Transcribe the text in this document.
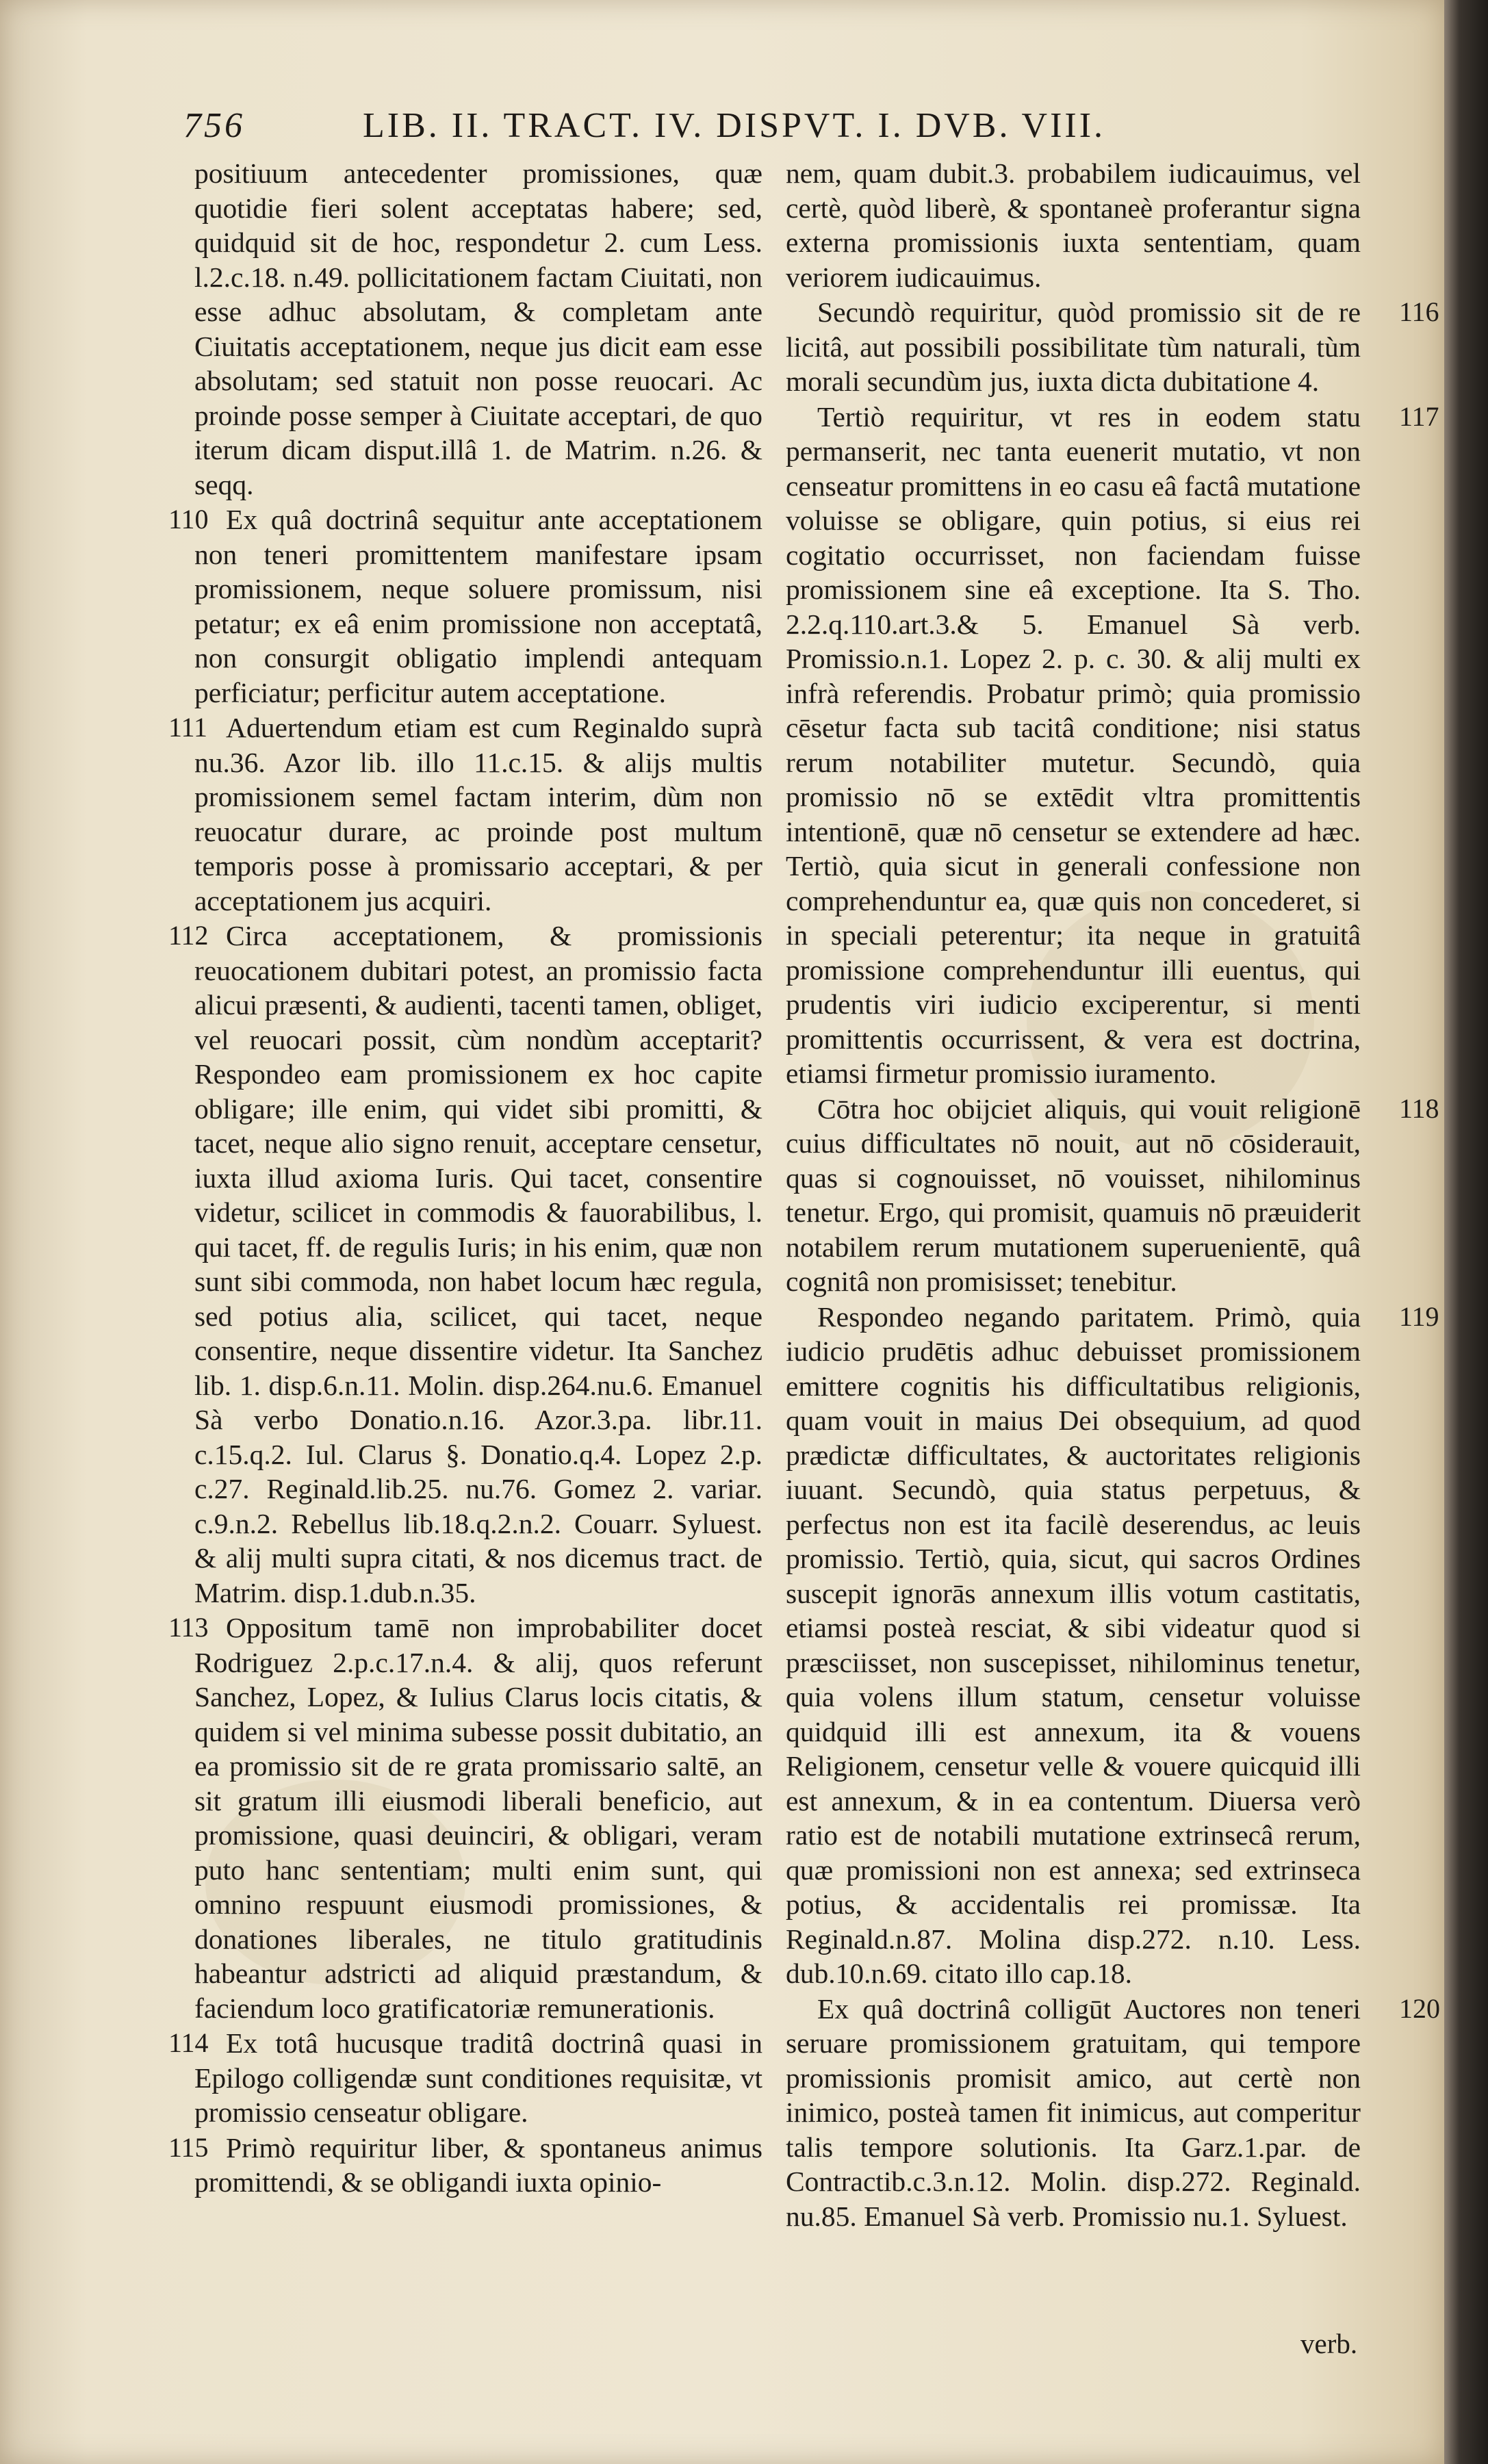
756	LIB. II. TRACT. IV. DISPVT. I. DVB. VIII.
positiuum antecedenter promissiones, quæ quotidie fieri solent acceptatas habere; sed, quidquid sit de hoc, respondetur 2. cum Less. l.2.c.18. n.49. pollicitationem factam Ciuitati, non esse adhuc absolutam, & completam ante Ciuitatis acceptationem, neque jus dicit eam esse absolutam; sed statuit non posse reuocari. Ac proinde posse semper à Ciuitate acceptari, de quo iterum dicam disput.illâ 1. de Matrim. n.26. & seqq.
110 Ex quâ doctrinâ sequitur ante acceptationem non teneri promittentem manifestare ipsam promissionem, neque soluere promissum, nisi petatur; ex eâ enim promissione non acceptatâ, non consurgit obligatio implendi antequam perficiatur; perficitur autem acceptatione.
111 Aduertendum etiam est cum Reginaldo suprà nu.36. Azor lib. illo 11.c.15. & alijs multis promissionem semel factam interim, dùm non reuocatur durare, ac proinde post multum temporis posse à promissario acceptari, & per acceptationem jus acquiri.
112 Circa acceptationem, & promissionis reuocationem dubitari potest, an promissio facta alicui præsenti, & audienti, tacenti tamen, obliget, vel reuocari possit, cùm nondùm acceptarit? Respondeo eam promissionem ex hoc capite obligare; ille enim, qui videt sibi promitti, & tacet, neque alio signo renuit, acceptare censetur, iuxta illud axioma Iuris. Qui tacet, consentire videtur, scilicet in commodis & fauorabilibus, l. qui tacet, ff. de regulis Iuris; in his enim, quæ non sunt sibi commoda, non habet locum hæc regula, sed potius alia, scilicet, qui tacet, neque consentire, neque dissentire videtur. Ita Sanchez lib. 1. disp.6.n.11. Molin. disp.264.nu.6. Emanuel Sà verbo Donatio.n.16. Azor.3.pa. libr.11. c.15.q.2. Iul. Clarus §. Donatio.q.4. Lopez 2.p. c.27. Reginald.lib.25. nu.76. Gomez 2. variar. c.9.n.2. Rebellus lib.18.q.2.n.2. Couarr. Syluest. & alij multi supra citati, & nos dicemus tract. de Matrim. disp.1.dub.n.35.
113 Oppositum tamē non improbabiliter docet Rodriguez 2.p.c.17.n.4. & alij, quos referunt Sanchez, Lopez, & Iulius Clarus locis citatis, & quidem si vel minima subesse possit dubitatio, an ea promissio sit de re grata promissario saltē, an sit gratum illi eiusmodi liberali beneficio, aut promissione, quasi deuinciri, & obligari, veram puto hanc sententiam; multi enim sunt, qui omnino respuunt eiusmodi promissiones, & donationes liberales, ne titulo gratitudinis habeantur adstricti ad aliquid præstandum, & faciendum loco gratificatoriæ remunerationis.
114 Ex totâ hucusque traditâ doctrinâ quasi in Epilogo colligendæ sunt conditiones requisitæ, vt promissio censeatur obligare.
115 Primò requiritur liber, & spontaneus animus promittendi, & se obligandi iuxta opinio-
nem, quam dubit.3. probabilem iudicauimus, vel certè, quòd liberè, & spontaneè proferantur signa externa promissionis iuxta sententiam, quam veriorem iudicauimus.
116
Secundò requiritur, quòd promissio sit de re licitâ, aut possibili possibilitate tùm naturali, tùm morali secundùm jus, iuxta dicta dubitatione 4.
117
Tertiò requiritur, vt res in eodem statu permanserit, nec tanta euenerit mutatio, vt non censeatur promittens in eo casu eâ factâ mutatione voluisse se obligare, quin potius, si eius rei cogitatio occurrisset, non faciendam fuisse promissionem sine eâ exceptione. Ita S. Tho. 2.2.q.110.art.3.& 5. Emanuel Sà verb. Promissio.n.1. Lopez 2. p. c. 30. & alij multi ex infrà referendis. Probatur primò; quia promissio cēsetur facta sub tacitâ conditione; nisi status rerum notabiliter mutetur. Secundò, quia promissio nō se extēdit vltra promittentis intentionē, quæ nō censetur se extendere ad hæc. Tertiò, quia sicut in generali confessione non comprehenduntur ea, quæ quis non concederet, si in speciali peterentur; ita neque in gratuitâ promissione comprehenduntur illi euentus, qui prudentis viri iudicio exciperentur, si menti promittentis occurrissent, & vera est doctrina, etiamsi firmetur promissio iuramento.
118
Cōtra hoc obijciet aliquis, qui vouit religionē cuius difficultates nō nouit, aut nō cōsiderauit, quas si cognouisset, nō vouisset, nihilominus tenetur. Ergo, qui promisit, quamuis nō præuiderit notabilem rerum mutationem superuenientē, quâ cognitâ non promisisset; tenebitur.
119
Respondeo negando paritatem. Primò, quia iudicio prudētis adhuc debuisset promissionem emittere cognitis his difficultatibus religionis, quam vouit in maius Dei obsequium, ad quod prædictæ difficultates, & auctoritates religionis iuuant. Secundò, quia status perpetuus, & perfectus non est ita facilè deserendus, ac leuis promissio. Tertiò, quia, sicut, qui sacros Ordines suscepit ignorās annexum illis votum castitatis, etiamsi posteà resciat, & sibi videatur quod si præsciisset, non suscepisset, nihilominus tenetur, quia volens illum statum, censetur voluisse quidquid illi est annexum, ita & vouens Religionem, censetur velle & vouere quicquid illi est annexum, & in ea contentum. Diuersa verò ratio est de notabili mutatione extrinsecâ rerum, quæ promissioni non est annexa; sed extrinseca potius, & accidentalis rei promissæ. Ita Reginald.n.87. Molina disp.272. n.10. Less. dub.10.n.69. citato illo cap.18.
120
Ex quâ doctrinâ colligūt Auctores non teneri seruare promissionem gratuitam, qui tempore promissionis promisit amico, aut certè non inimico, posteà tamen fit inimicus, aut comperitur talis tempore solutionis. Ita Garz.1.par. de Contractib.c.3.n.12. Molin. disp.272. Reginald. nu.85. Emanuel Sà verb. Promissio nu.1. Syluest.
verb.
